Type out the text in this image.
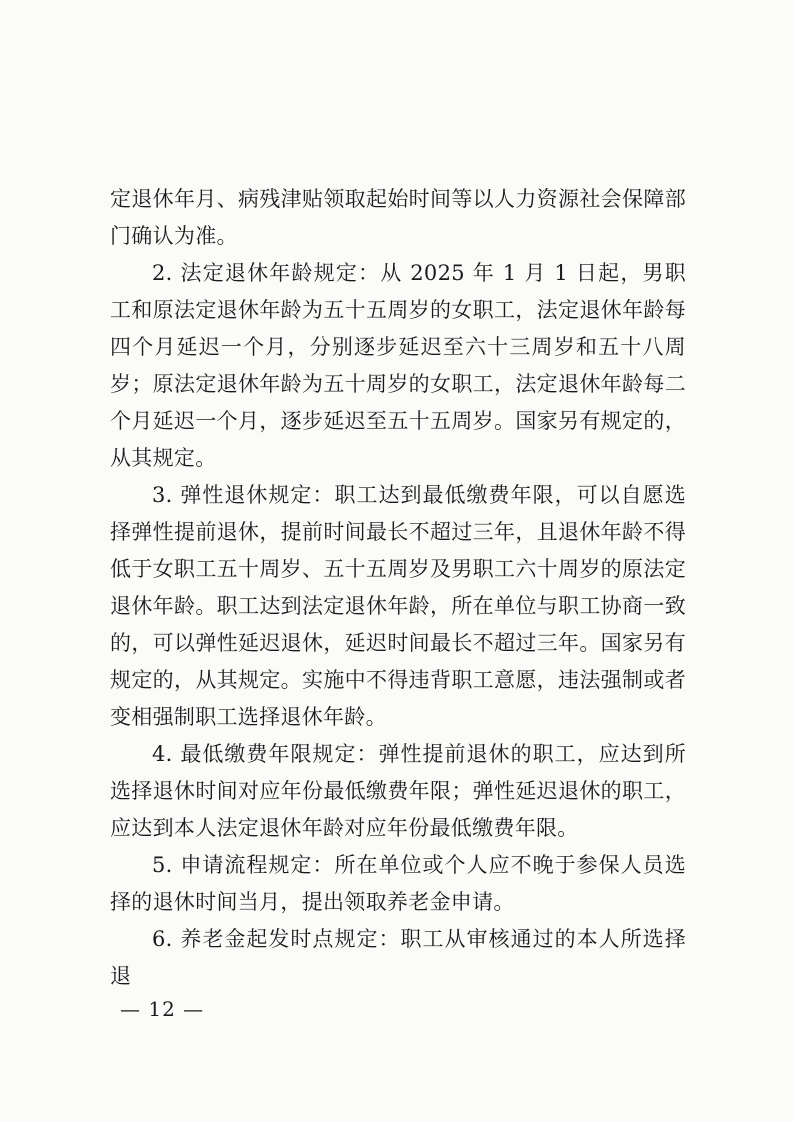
定退休年月、病残津贴领取起始时间等以人力资源社会保障部门确认为准。

2. 法定退休年龄规定：从 2025 年 1 月 1 日起，男职工和原法定退休年龄为五十五周岁的女职工，法定退休年龄每四个月延迟一个月，分别逐步延迟至六十三周岁和五十八周岁；原法定退休年龄为五十周岁的女职工，法定退休年龄每二个月延迟一个月，逐步延迟至五十五周岁。国家另有规定的，从其规定。

3. 弹性退休规定：职工达到最低缴费年限，可以自愿选择弹性提前退休，提前时间最长不超过三年，且退休年龄不得低于女职工五十周岁、五十五周岁及男职工六十周岁的原法定退休年龄。职工达到法定退休年龄，所在单位与职工协商一致的，可以弹性延迟退休，延迟时间最长不超过三年。国家另有规定的，从其规定。实施中不得违背职工意愿，违法强制或者变相强制职工选择退休年龄。

4. 最低缴费年限规定：弹性提前退休的职工，应达到所选择退休时间对应年份最低缴费年限；弹性延迟退休的职工，应达到本人法定退休年龄对应年份最低缴费年限。

5. 申请流程规定：所在单位或个人应不晚于参保人员选择的退休时间当月，提出领取养老金申请。

6. 养老金起发时点规定：职工从审核通过的本人所选择退

— 12 —
